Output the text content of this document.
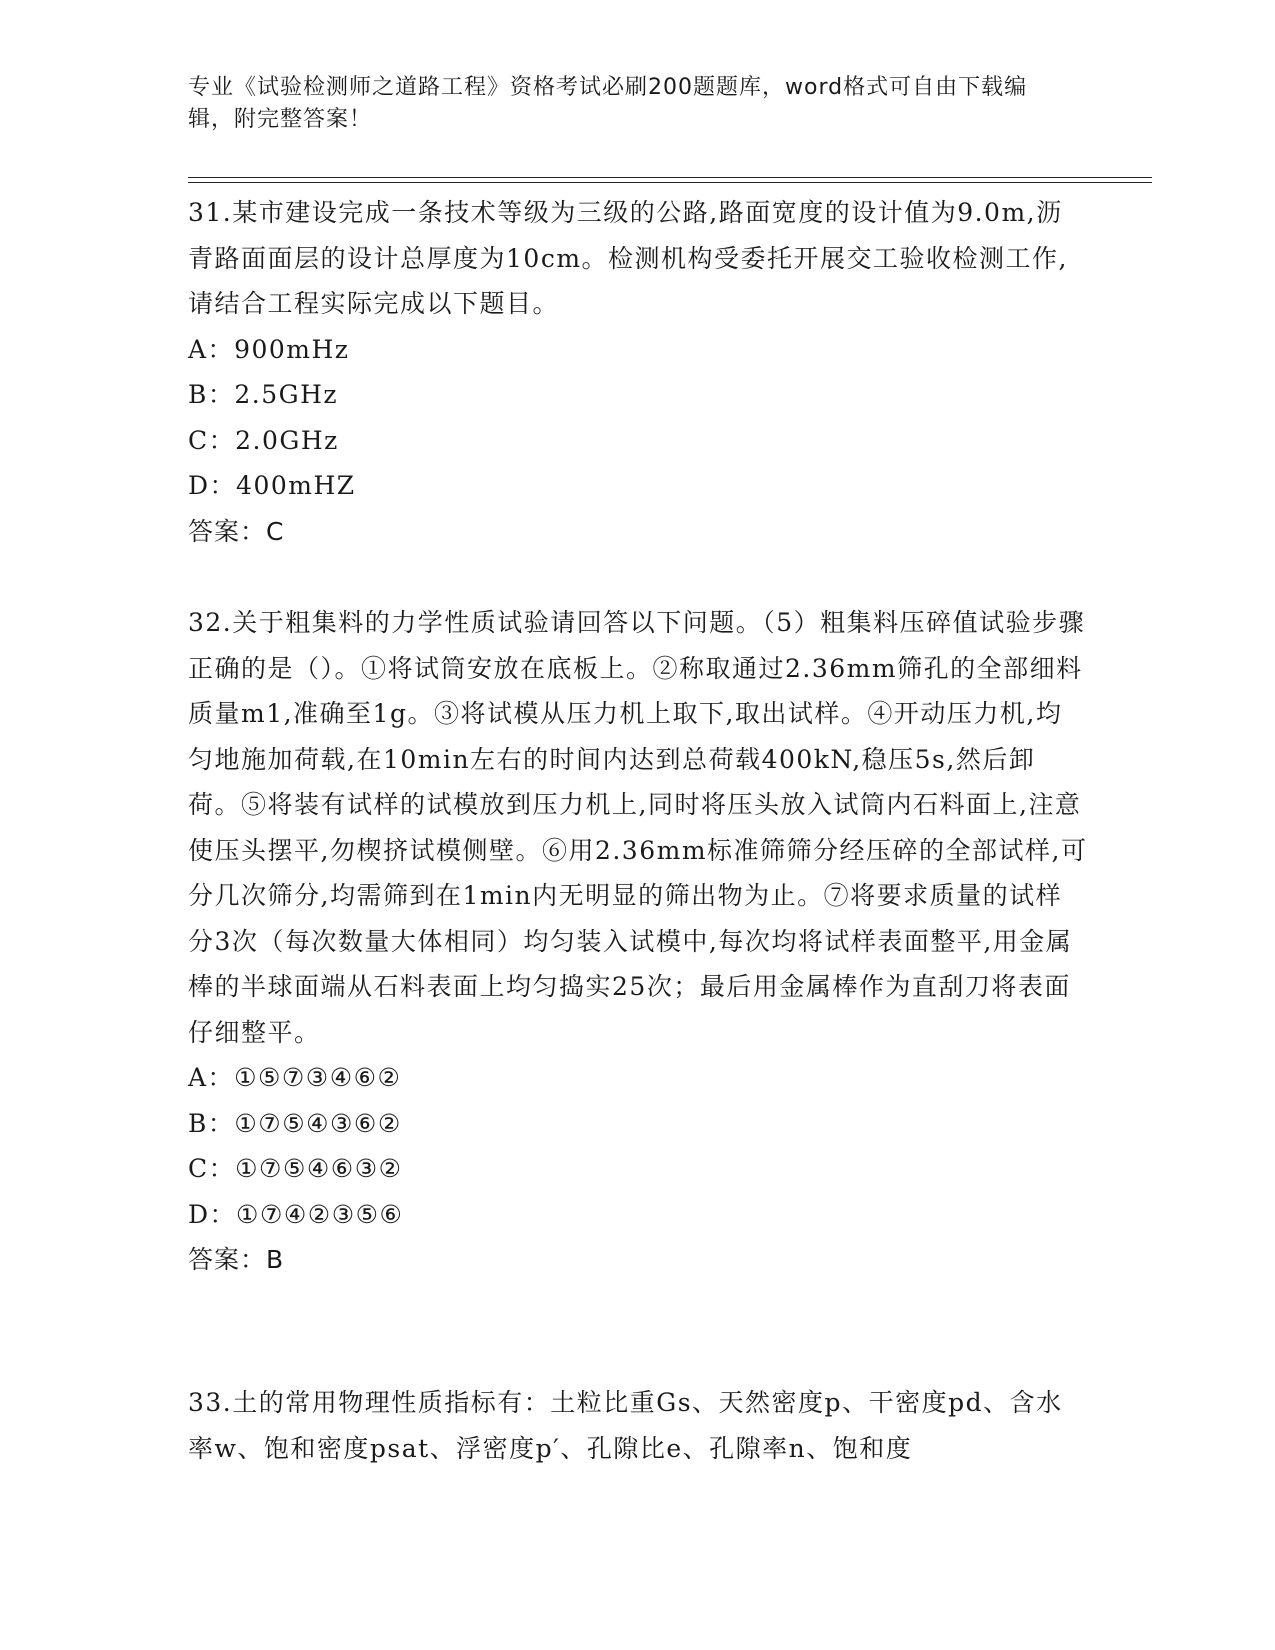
专业《试验检测师之道路工程》资格考试必刷200题题库，word格式可自由下载编辑，附完整答案！

31.某市建设完成一条技术等级为三级的公路,路面宽度的设计值为9.0m,沥青路面面层的设计总厚度为10cm。检测机构受委托开展交工验收检测工作,请结合工程实际完成以下题目。

A： 900mHz
B： 2.5GHz
C： 2.0GHz
D： 400mHZ

答案：C

32.关于粗集料的力学性质试验请回答以下问题。（5）粗集料压碎值试验步骤正确的是（）。①将试筒安放在底板上。②称取通过2.36mm筛孔的全部细料质量m1,准确至1g。③将试模从压力机上取下,取出试样。④开动压力机,均匀地施加荷载,在10min左右的时间内达到总荷载400kN,稳压5s,然后卸荷。⑤将装有试样的试模放到压力机上,同时将压头放入试筒内石料面上,注意使压头摆平,勿楔挤试模侧壁。⑥用2.36mm标准筛筛分经压碎的全部试样,可分几次筛分,均需筛到在1min内无明显的筛出物为止。⑦将要求质量的试样分3次（每次数量大体相同）均匀装入试模中,每次均将试样表面整平,用金属棒的半球面端从石料表面上均匀捣实25次；最后用金属棒作为直刮刀将表面仔细整平。

A： ①⑤⑦③④⑥②
B： ①⑦⑤④③⑥②
C： ①⑦⑤④⑥③②
D： ①⑦④②③⑤⑥

答案：B

33.土的常用物理性质指标有：土粒比重Gs、天然密度p、干密度pd、含水率w、饱和密度psat、浮密度p′、孔隙比e、孔隙率n、饱和度
